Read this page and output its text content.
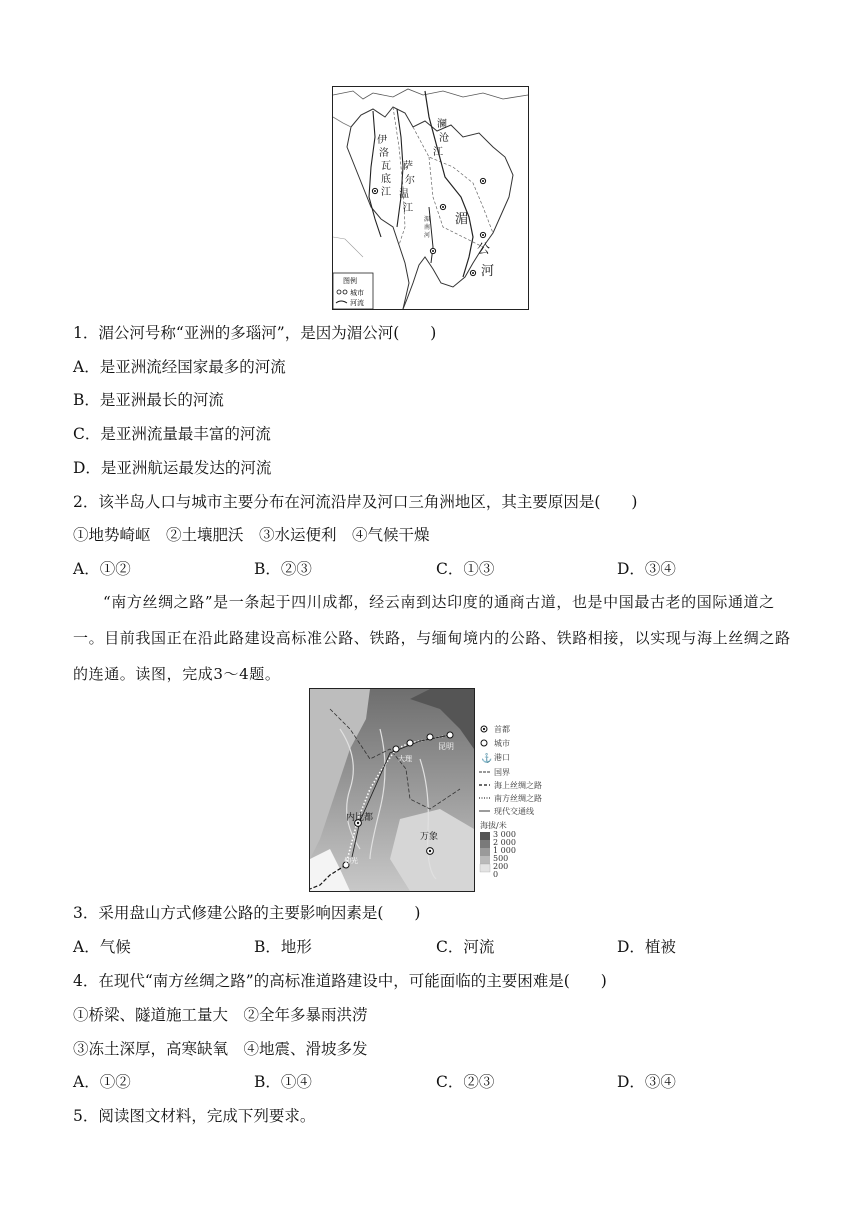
伊
洛
瓦
底
江
萨
尔
温
江
澜
沧
江
湄
南
河
湄
公
河
图例
城市
河流
1．湄公河号称“亚洲的多瑙河”，是因为湄公河(　　)
A．是亚洲流经国家最多的河流
B．是亚洲最长的河流
C．是亚洲流量最丰富的河流
D．是亚洲航运最发达的河流
2．该半岛人口与城市主要分布在河流沿岸及河口三角洲地区，其主要原因是(　　)
①地势崎岖　②土壤肥沃　③水运便利　④气候干燥
A．①②	B．②③	C．①③	D．③④
“南方丝绸之路”是一条起于四川成都，经云南到达印度的通商古道，也是中国最古老的国际通道之一。目前我国正在沿此路建设高标准公路、铁路，与缅甸境内的公路、铁路相接，以实现与海上丝绸之路的连通。读图，完成3～4题。
内比都
万象
昆明
仰光
大理	⚓
首都
城市
港口
国界
海上丝绸之路
南方丝绸之路
现代交通线
海拔/米
3 000
2 000
1 000
500
200
0
3．采用盘山方式修建公路的主要影响因素是(　　)
A．气候	B．地形	C．河流	D．植被
4．在现代“南方丝绸之路”的高标准道路建设中，可能面临的主要困难是(　　)
①桥梁、隧道施工量大　②全年多暴雨洪涝
③冻土深厚，高寒缺氧　④地震、滑坡多发
A．①②	B．①④	C．②③	D．③④
5．阅读图文材料，完成下列要求。
